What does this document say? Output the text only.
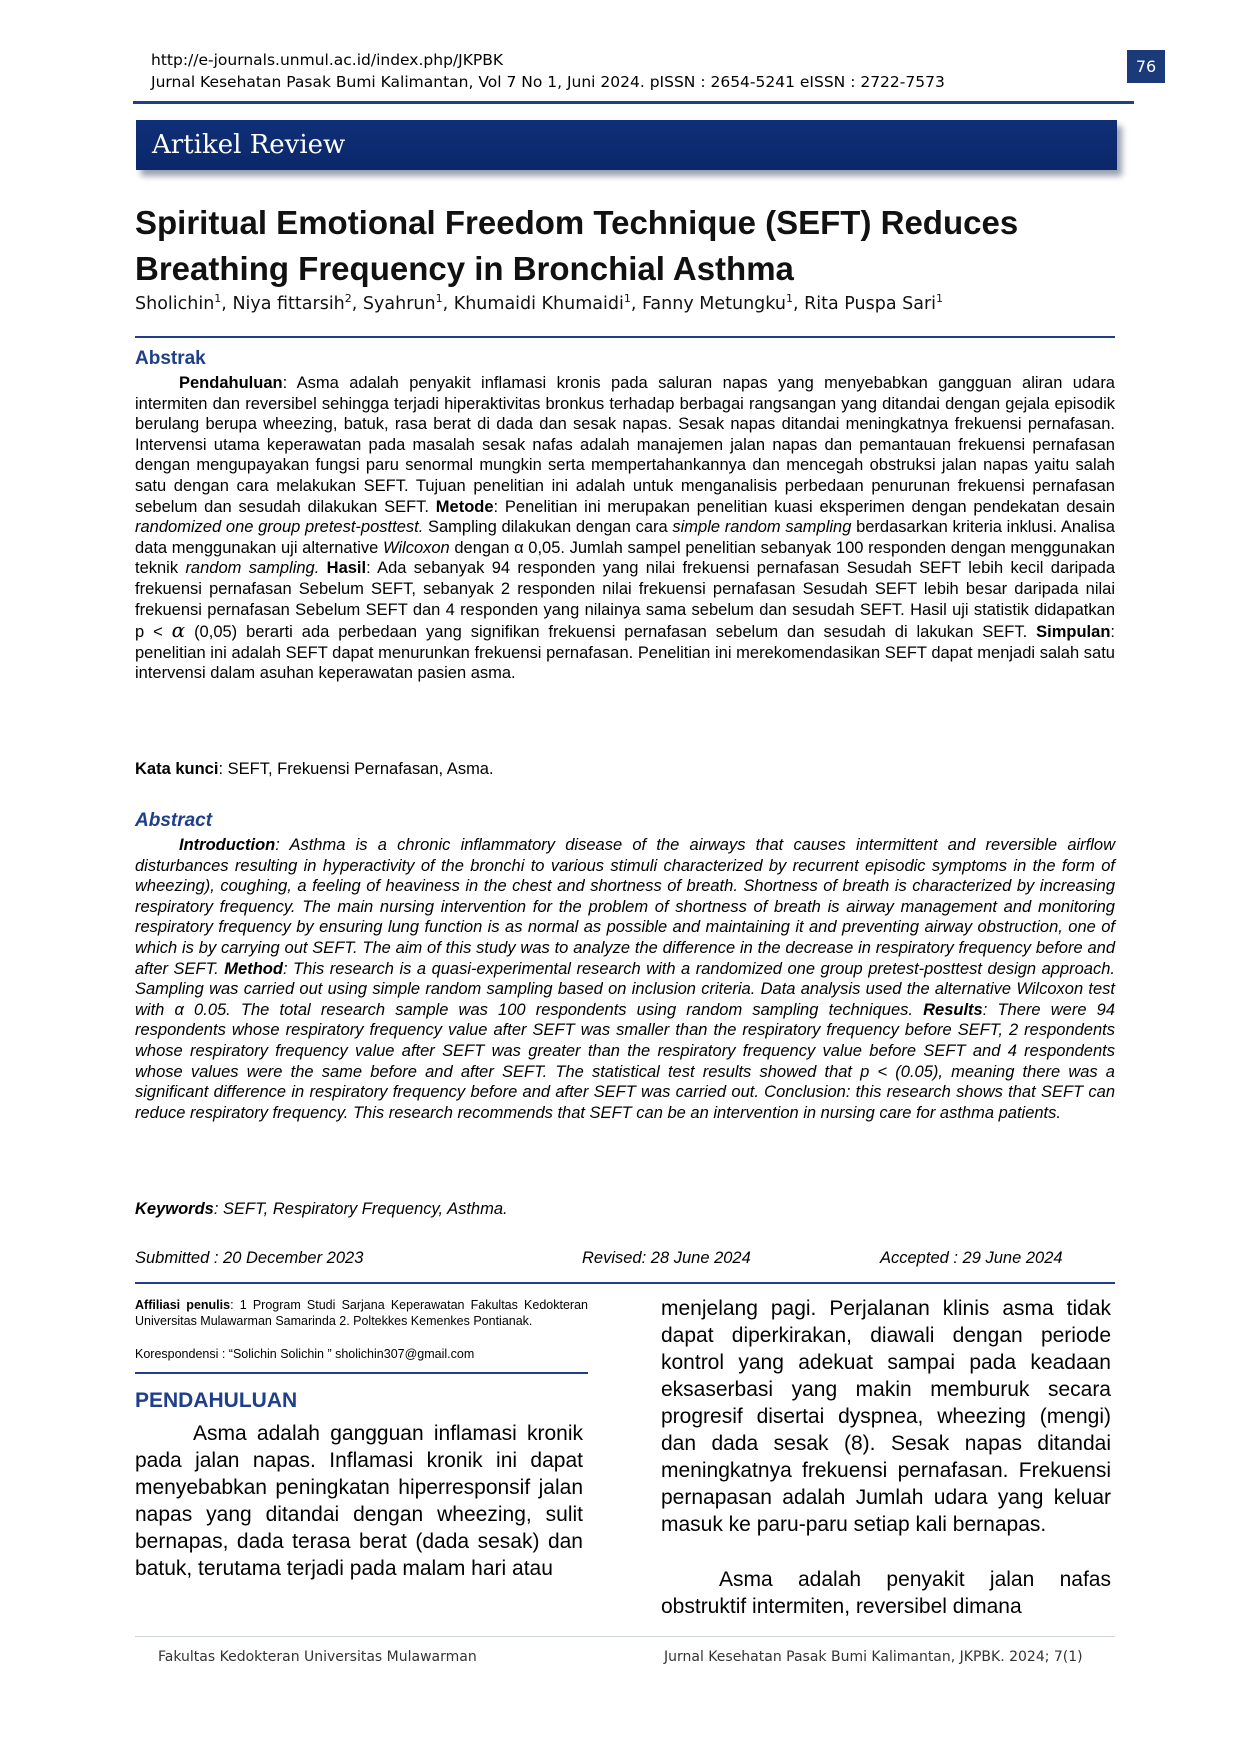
http://e-journals.unmul.ac.id/index.php/JKPBK
Jurnal Kesehatan Pasak Bumi Kalimantan, Vol 7 No 1, Juni 2024. pISSN : 2654-5241 eISSN : 2722-7573
76
Artikel Review
Spiritual Emotional Freedom Technique (SEFT) Reduces
Breathing Frequency in Bronchial Asthma
Sholichin$^1$, Niya fittarsih$^2$, Syahrun$^1$, Khumaidi Khumaidi$^1$, Fanny Metungku$^1$, Rita Puspa Sari$^1$
Abstrak
Pendahuluan: Asma adalah penyakit inflamasi kronis pada saluran napas yang menyebabkan gangguan aliran udara intermiten dan reversibel sehingga terjadi hiperaktivitas bronkus terhadap berbagai rangsangan yang ditandai dengan gejala episodik berulang berupa wheezing, batuk, rasa berat di dada dan sesak napas. Sesak napas ditandai meningkatnya frekuensi pernafasan. Intervensi utama keperawatan pada masalah sesak nafas adalah manajemen jalan napas dan pemantauan frekuensi pernafasan dengan mengupayakan fungsi paru senormal mungkin serta mempertahankannya dan mencegah obstruksi jalan napas yaitu salah satu dengan cara melakukan SEFT. Tujuan penelitian ini adalah untuk menganalisis perbedaan penurunan frekuensi pernafasan sebelum dan sesudah dilakukan SEFT. Metode: Penelitian ini merupakan penelitian kuasi eksperimen dengan pendekatan desain randomized one group pretest-posttest. Sampling dilakukan dengan cara simple random sampling berdasarkan kriteria inklusi. Analisa data menggunakan uji alternative Wilcoxon dengan α 0,05. Jumlah sampel penelitian sebanyak 100 responden dengan menggunakan teknik random sampling. Hasil: Ada sebanyak 94 responden yang nilai frekuensi pernafasan Sesudah SEFT lebih kecil daripada frekuensi pernafasan Sebelum SEFT, sebanyak 2 responden nilai frekuensi pernafasan Sesudah SEFT lebih besar daripada nilai frekuensi pernafasan Sebelum SEFT dan 4 responden yang nilainya sama sebelum dan sesudah SEFT. Hasil uji statistik didapatkan p < α (0,05) berarti ada perbedaan yang signifikan frekuensi pernafasan sebelum dan sesudah di lakukan SEFT. Simpulan: penelitian ini adalah SEFT dapat menurunkan frekuensi pernafasan. Penelitian ini merekomendasikan SEFT dapat menjadi salah satu intervensi dalam asuhan keperawatan pasien asma.
Kata kunci: SEFT, Frekuensi Pernafasan, Asma.
Abstract
Introduction: Asthma is a chronic inflammatory disease of the airways that causes intermittent and reversible airflow disturbances resulting in hyperactivity of the bronchi to various stimuli characterized by recurrent episodic symptoms in the form of wheezing), coughing, a feeling of heaviness in the chest and shortness of breath. Shortness of breath is characterized by increasing respiratory frequency. The main nursing intervention for the problem of shortness of breath is airway management and monitoring respiratory frequency by ensuring lung function is as normal as possible and maintaining it and preventing airway obstruction, one of which is by carrying out SEFT. The aim of this study was to analyze the difference in the decrease in respiratory frequency before and after SEFT. Method: This research is a quasi-experimental research with a randomized one group pretest-posttest design approach. Sampling was carried out using simple random sampling based on inclusion criteria. Data analysis used the alternative Wilcoxon test with α 0.05. The total research sample was 100 respondents using random sampling techniques. Results: There were 94 respondents whose respiratory frequency value after SEFT was smaller than the respiratory frequency before SEFT, 2 respondents whose respiratory frequency value after SEFT was greater than the respiratory frequency value before SEFT and 4 respondents whose values were the same before and after SEFT. The statistical test results showed that p < (0.05), meaning there was a significant difference in respiratory frequency before and after SEFT was carried out. Conclusion: this research shows that SEFT can reduce respiratory frequency. This research recommends that SEFT can be an intervention in nursing care for asthma patients.
Keywords: SEFT, Respiratory Frequency, Asthma.
Submitted : 20 December 2023	Revised: 28 June 2024	Accepted : 29 June 2024
Affiliasi penulis: 1 Program Studi Sarjana Keperawatan Fakultas Kedokteran Universitas Mulawarman Samarinda 2. Poltekkes Kemenkes Pontianak.
Korespondensi : “Solichin Solichin ” sholichin307@gmail.com
PENDAHULUAN
Asma adalah gangguan inflamasi kronik pada jalan napas. Inflamasi kronik ini dapat menyebabkan peningkatan hiperresponsif jalan napas yang ditandai dengan wheezing, sulit bernapas, dada terasa berat (dada sesak) dan batuk, terutama terjadi pada malam hari atau
menjelang pagi. Perjalanan klinis asma tidak dapat diperkirakan, diawali dengan periode kontrol yang adekuat sampai pada keadaan eksaserbasi yang makin memburuk secara progresif disertai dyspnea, wheezing (mengi) dan dada sesak (8). Sesak napas ditandai meningkatnya frekuensi pernafasan. Frekuensi pernapasan adalah Jumlah udara yang keluar masuk ke paru-paru setiap kali bernapas.
Asma adalah penyakit jalan nafas obstruktif intermiten, reversibel dimana
Fakultas Kedokteran Universitas Mulawarman	Jurnal Kesehatan Pasak Bumi Kalimantan, JKPBK. 2024; 7(1)
